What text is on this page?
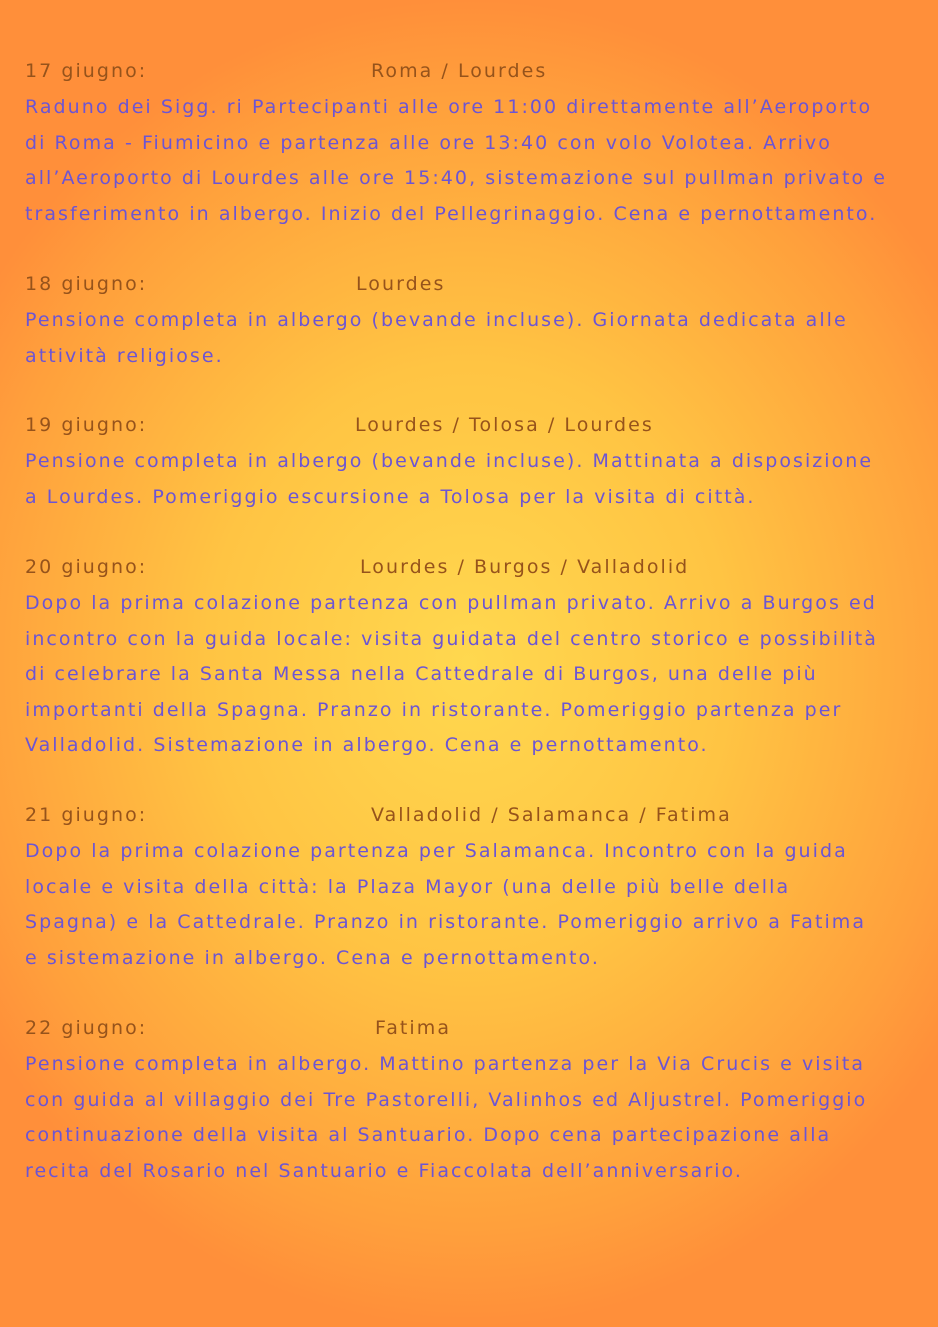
17 giugno:	Roma / Lourdes

Raduno dei Sigg. ri Partecipanti alle ore 11:00 direttamente all’Aeroporto
di Roma - Fiumicino e partenza alle ore 13:40 con volo Volotea. Arrivo
all’Aeroporto di Lourdes alle ore 15:40, sistemazione sul pullman privato e
trasferimento in albergo. Inizio del Pellegrinaggio. Cena e pernottamento.

18 giugno:	Lourdes

Pensione completa in albergo (bevande incluse). Giornata dedicata alle
attività religiose.

19 giugno:	Lourdes / Tolosa / Lourdes

Pensione completa in albergo (bevande incluse). Mattinata a disposizione
a Lourdes. Pomeriggio escursione a Tolosa per la visita di città.

20 giugno:	Lourdes / Burgos / Valladolid

Dopo la prima colazione partenza con pullman privato. Arrivo a Burgos ed
incontro con la guida locale: visita guidata del centro storico e possibilità
di celebrare la Santa Messa nella Cattedrale di Burgos, una delle più
importanti della Spagna. Pranzo in ristorante. Pomeriggio partenza per
Valladolid. Sistemazione in albergo. Cena e pernottamento.

21 giugno:	Valladolid / Salamanca / Fatima

Dopo la prima colazione partenza per Salamanca. Incontro con la guida
locale e visita della città: la Plaza Mayor (una delle più belle della
Spagna) e la Cattedrale. Pranzo in ristorante. Pomeriggio arrivo a Fatima
e sistemazione in albergo. Cena e pernottamento.

22 giugno:	Fatima

Pensione completa in albergo. Mattino partenza per la Via Crucis e visita
con guida al villaggio dei Tre Pastorelli, Valinhos ed Aljustrel. Pomeriggio
continuazione della visita al Santuario. Dopo cena partecipazione alla
recita del Rosario nel Santuario e Fiaccolata dell’anniversario.
